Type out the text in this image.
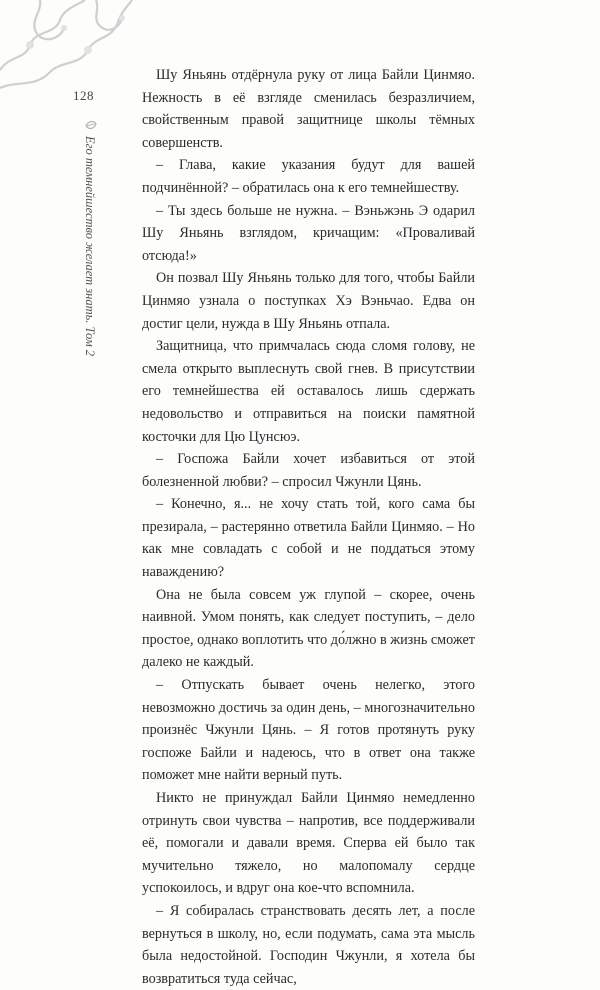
128
Его темнейшество желает знать. Том 2

Шу Яньянь отдёрнула руку от лица Байли Цинмяо. Нежность в её взгляде сменилась безразличием, свойственным правой защитнице школы тёмных совершенств.

– Глава, какие указания будут для вашей подчинённой? – обратилась она к его темнейшеству.

– Ты здесь больше не нужна. – Вэньжэнь Э одарил Шу Яньянь взглядом, кричащим: «Проваливай отсюда!»

Он позвал Шу Яньянь только для того, чтобы Байли Цинмяо узнала о поступках Хэ Вэньчао. Едва он достиг цели, нужда в Шу Яньянь отпала.

Защитница, что примчалась сюда сломя голову, не смела открыто выплеснуть свой гнев. В присутствии его темнейшества ей оставалось лишь сдержать недовольство и отправиться на поиски памятной косточки для Цю Цунсюэ.

– Госпожа Байли хочет избавиться от этой болезненной любви? – спросил Чжунли Цянь.

– Конечно, я... не хочу стать той, кого сама бы презирала, – растерянно ответила Байли Цинмяо. – Но как мне совладать с собой и не поддаться этому наваждению?

Она не была совсем уж глупой – скорее, очень наивной. Умом понять, как следует поступить, – дело простое, однако воплотить что до́лжно в жизнь сможет далеко не каждый.

– Отпускать бывает очень нелегко, этого невозможно достичь за один день, – многозначительно произнёс Чжунли Цянь. – Я готов протянуть руку госпоже Байли и надеюсь, что в ответ она также поможет мне найти верный путь.

Никто не принуждал Байли Цинмяо немедленно отринуть свои чувства – напротив, все поддерживали её, помогали и давали время. Сперва ей было так мучительно тяжело, но малопомалу сердце успокоилось, и вдруг она кое-что вспомнила.

– Я собиралась странствовать десять лет, а после вернуться в школу, но, если подумать, сама эта мысль была недостойной. Господин Чжунли, я хотела бы возвратиться туда сейчас,
